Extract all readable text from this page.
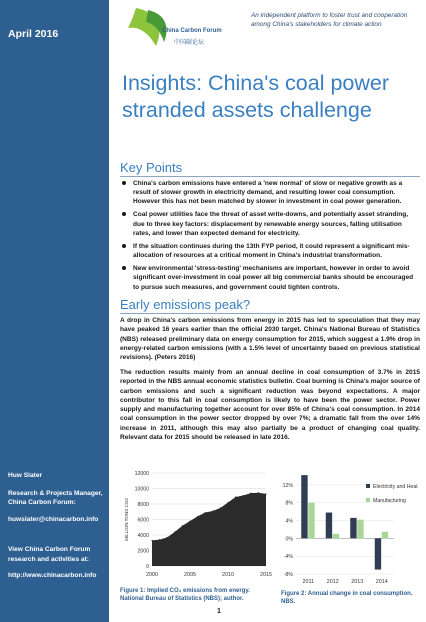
April 2016
Huw Slater
Research & Projects Manager, China Carbon Forum:
huwslater@chinacarbon.info
View China Carbon Forum research and activities at:
http://www.chinacarbon.info
China Carbon Forum
中国碳论坛
An independent platform to foster trust and cooperation among China's stakeholders for climate action
Insights: China's coal power stranded assets challenge
Key Points
China's carbon emissions have entered a 'new normal' of slow or negative growth as a result of slower growth in electricity demand, and resulting lower coal consumption. However this has not been matched by slower in investment in coal power generation.
Coal power utilities face the threat of asset write-downs, and potentially asset stranding, due to three key factors: displacement by renewable energy sources, falling utilisation rates, and lower than expected demand for electricity.
If the situation continues during the 13th FYP period, it could represent a significant mis-allocation of resources at a critical moment in China's industrial transformation.
New environmental 'stress-testing' mechanisms are important, however in order to avoid significant over-investment in coal power all big commercial banks should be encouraged to pursue such measures, and government could tighten controls.
Early emissions peak?
A drop in China's carbon emissions from energy in 2015 has led to speculation that they may have peaked 16 years earlier than the official 2030 target. China's National Bureau of Statistics (NBS) released preliminary data on energy consumption for 2015, which suggest a 1.9% drop in energy-related carbon emissions (with a 1.5% level of uncertainty based on previous statistical revisions). (Peters 2016)
The reduction results mainly from an annual decline in coal consumption of 3.7% in 2015 reported in the NBS annual economic statistics bulletin. Coal burning is China's major source of carbon emissions and such a significant reduction was beyond expectations. A major contributor to this fall in coal consumption is likely to have been the power sector. Power supply and manufacturing together account for over 85% of China's coal consumption. In 2014 coal consumption in the power sector dropped by over 7%; a dramatic fall from the over 14% increase in 2011, although this may also partially be a product of changing coal quality. Relevant data for 2015 should be released in late 2016.
0
2000
4000
6000
8000
10000
12000
2000	2005	2010	2015
MILLION TONS CO2
Figure 1: Implied CO₂ emissions from energy. National Bureau of Statistics (NBS); author.
-8%
-4%
0%
4%
8%
12%
2011 2012 2013 2014
Electricity and Heat
Manufacturing
Figure 2: Annual change in coal consumption. NBS.
1
